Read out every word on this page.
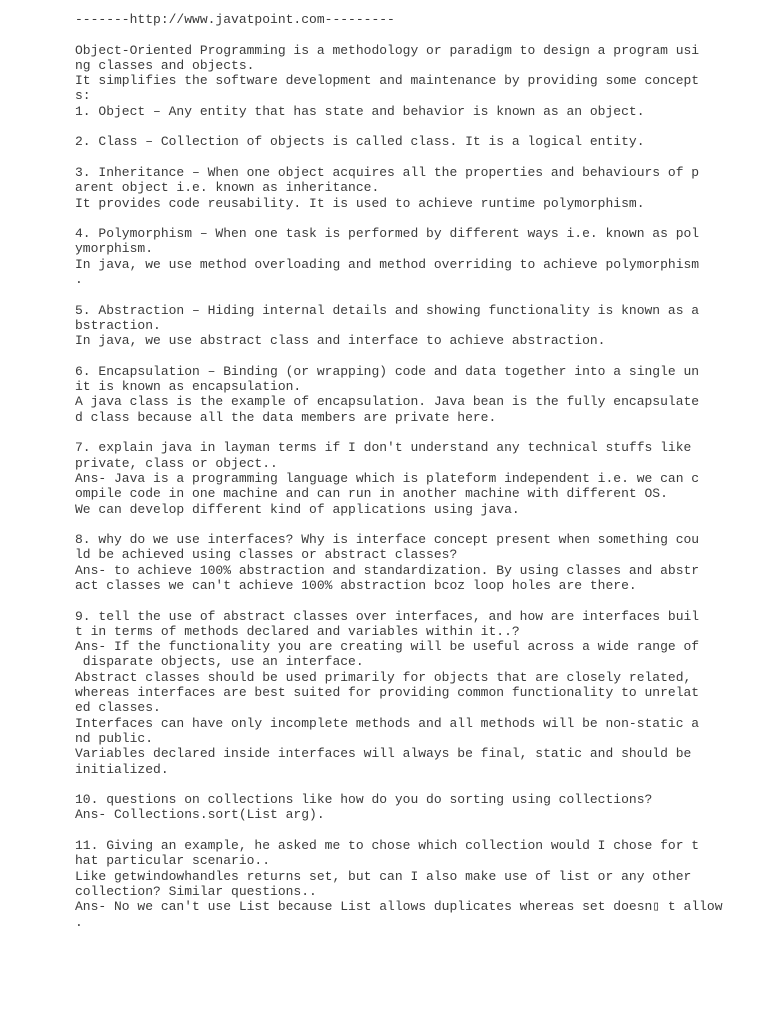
-------http://www.javatpoint.com---------
Object-Oriented Programming is a methodology or paradigm to design a program usi
ng classes and objects.
It simplifies the software development and maintenance by providing some concept
s:
1. Object – Any entity that has state and behavior is known as an object.
2. Class – Collection of objects is called class. It is a logical entity.
3. Inheritance – When one object acquires all the properties and behaviours of p
arent object i.e. known as inheritance.
It provides code reusability. It is used to achieve runtime polymorphism.
4. Polymorphism – When one task is performed by different ways i.e. known as pol
ymorphism.
In java, we use method overloading and method overriding to achieve polymorphism
.
5. Abstraction – Hiding internal details and showing functionality is known as a
bstraction.
In java, we use abstract class and interface to achieve abstraction.
6. Encapsulation – Binding (or wrapping) code and data together into a single un
it is known as encapsulation.
A java class is the example of encapsulation. Java bean is the fully encapsulate
d class because all the data members are private here.
7. explain java in layman terms if I don't understand any technical stuffs like
private, class or object..
Ans- Java is a programming language which is plateform independent i.e. we can c
ompile code in one machine and can run in another machine with different OS.
We can develop different kind of applications using java.
8. why do we use interfaces? Why is interface concept present when something cou
ld be achieved using classes or abstract classes?
Ans- to achieve 100% abstraction and standardization. By using classes and abstr
act classes we can't achieve 100% abstraction bcoz loop holes are there.
9. tell the use of abstract classes over interfaces, and how are interfaces buil
t in terms of methods declared and variables within it..?
Ans- If the functionality you are creating will be useful across a wide range of
disparate objects, use an interface.
Abstract classes should be used primarily for objects that are closely related,
whereas interfaces are best suited for providing common functionality to unrelat
ed classes.
Interfaces can have only incomplete methods and all methods will be non-static a
nd public.
Variables declared inside interfaces will always be final, static and should be
initialized.
10. questions on collections like how do you do sorting using collections?
Ans- Collections.sort(List arg).
11. Giving an example, he asked me to chose which collection would I chose for t
hat particular scenario..
Like getwindowhandles returns set, but can I also make use of list or any other
collection? Similar questions..
Ans- No we can't use List because List allows duplicates whereas set doesn▯ t allow
.
